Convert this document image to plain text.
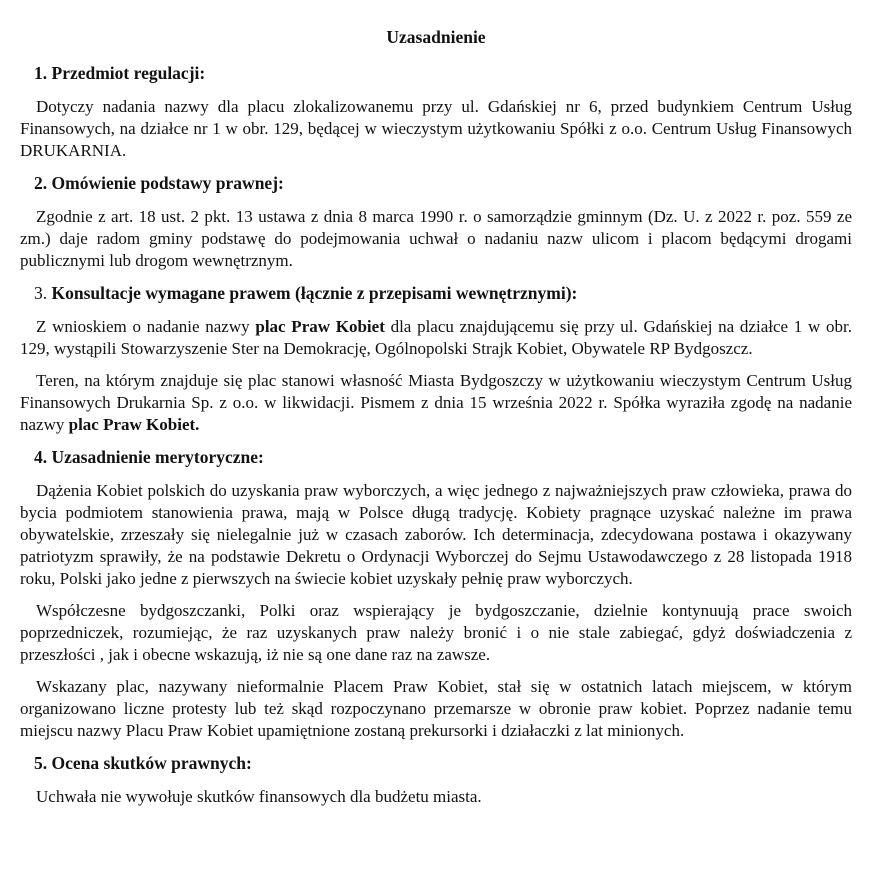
Uzasadnienie
1. Przedmiot regulacji:

Dotyczy nadania nazwy dla placu zlokalizowanemu przy ul. Gdańskiej nr 6, przed budynkiem Centrum Usług Finansowych, na działce nr 1 w obr. 129, będącej w wieczystym użytkowaniu Spółki z o.o. Centrum Usług Finansowych DRUKARNIA.

2. Omówienie podstawy prawnej:

Zgodnie z art. 18 ust. 2 pkt. 13 ustawa z dnia 8 marca 1990 r. o samorządzie gminnym (Dz. U. z 2022 r. poz. 559 ze zm.) daje radom gminy podstawę do podejmowania uchwał o nadaniu nazw ulicom i placom będącymi drogami publicznymi lub drogom wewnętrznym.

3. Konsultacje wymagane prawem (łącznie z przepisami wewnętrznymi):

Z wnioskiem o nadanie nazwy plac Praw Kobiet dla placu znajdującemu się przy ul. Gdańskiej na działce 1 w obr. 129, wystąpili Stowarzyszenie Ster na Demokrację, Ogólnopolski Strajk Kobiet, Obywatele RP Bydgoszcz.

Teren, na którym znajduje się plac stanowi własność Miasta Bydgoszczy w użytkowaniu wieczystym Centrum Usług Finansowych Drukarnia Sp. z o.o. w likwidacji. Pismem z dnia 15 września 2022 r. Spółka wyraziła zgodę na nadanie nazwy plac Praw Kobiet.

4. Uzasadnienie merytoryczne:

Dążenia Kobiet polskich do uzyskania praw wyborczych, a więc jednego z najważniejszych praw człowieka, prawa do bycia podmiotem stanowienia prawa, mają w Polsce długą tradycję. Kobiety pragnące uzyskać należne im prawa obywatelskie, zrzeszały się nielegalnie już w czasach zaborów. Ich determinacja, zdecydowana postawa i okazywany patriotyzm sprawiły, że na podstawie Dekretu o Ordynacji Wyborczej do Sejmu Ustawodawczego z 28 listopada 1918 roku, Polski jako jedne z pierwszych na świecie kobiet uzyskały pełnię praw wyborczych.

Współczesne bydgoszczanki, Polki oraz wspierający je bydgoszczanie, dzielnie kontynuują prace swoich poprzedniczek, rozumiejąc, że raz uzyskanych praw należy bronić i o nie stale zabiegać, gdyż doświadczenia z przeszłości , jak i obecne wskazują, iż nie są one dane raz na zawsze.

Wskazany plac, nazywany nieformalnie Placem Praw Kobiet, stał się w ostatnich latach miejscem, w którym organizowano liczne protesty lub też skąd rozpoczynano przemarsze w obronie praw kobiet. Poprzez nadanie temu miejscu nazwy Placu Praw Kobiet upamiętnione zostaną prekursorki i działaczki z lat minionych.

5. Ocena skutków prawnych:

Uchwała nie wywołuje skutków finansowych dla budżetu miasta.
